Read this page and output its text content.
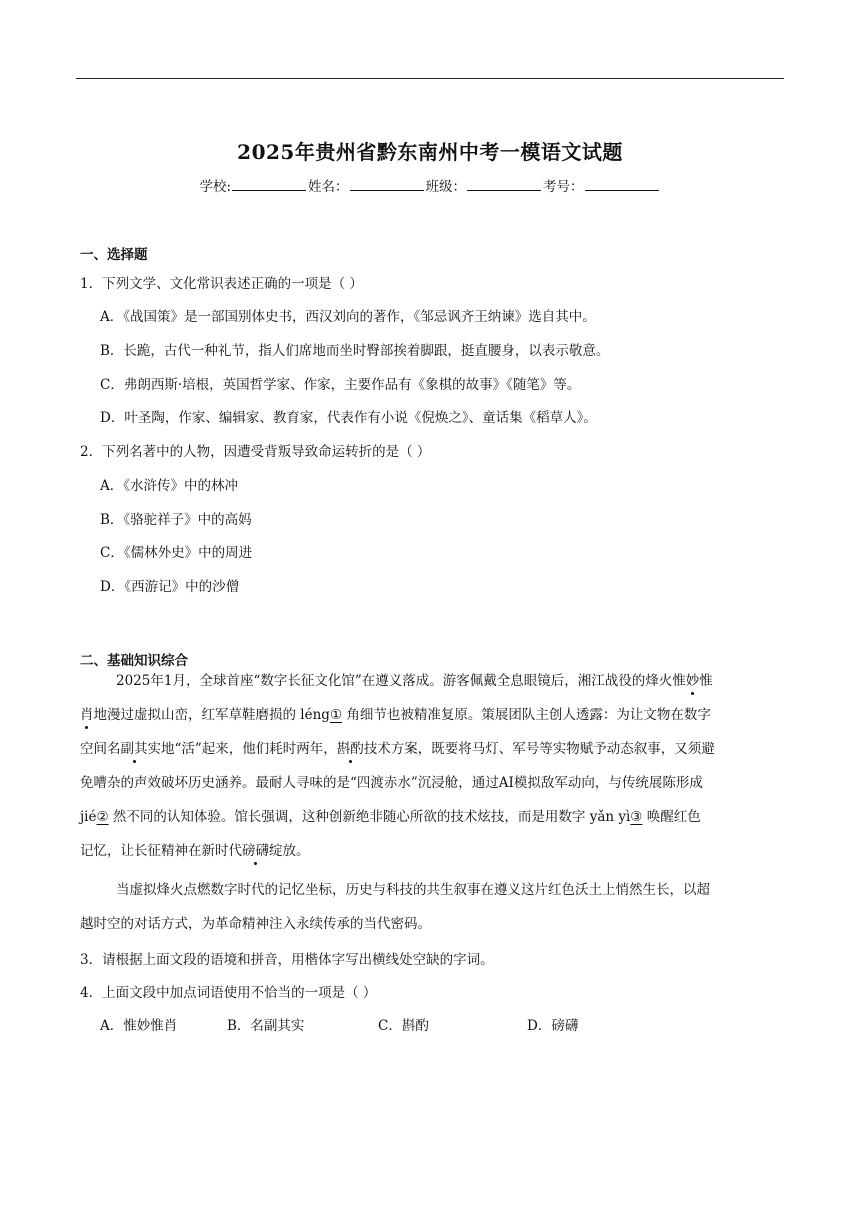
2025年贵州省黔东南州中考一模语文试题
学校:	姓名：	班级：	考号：
一、选择题
1．下列文学、文化常识表述正确的一项是（ ）
A．《战国策》是一部国别体史书，西汉刘向的著作，《邹忌讽齐王纳谏》选自其中。
B．长跪，古代一种礼节，指人们席地而坐时臀部挨着脚跟，挺直腰身，以表示敬意。
C．弗朗西斯·培根，英国哲学家、作家，主要作品有《象棋的故事》《随笔》等。
D．叶圣陶，作家、编辑家、教育家，代表作有小说《倪焕之》、童话集《稻草人》。
2．下列名著中的人物，因遭受背叛导致命运转折的是（ ）
A．《水浒传》中的林冲
B．《骆驼祥子》中的高妈
C．《儒林外史》中的周进
D．《西游记》中的沙僧
二、基础知识综合
2025年1月，全球首座“数字长征文化馆”在遵义落成。游客佩戴全息眼镜后，湘江战役的烽火惟妙惟
肖地漫过虚拟山峦，红军草鞋磨损的 léng① 角细节也被精准复原。策展团队主创人透露：为让文物在数字
空间名副其实地“活”起来，他们耗时两年，斟酌技术方案，既要将马灯、军号等实物赋予动态叙事，又须避
免嘈杂的声效破坏历史涵养。最耐人寻味的是“四渡赤水”沉浸舱，通过AI模拟敌军动向，与传统展陈形成
jié② 然不同的认知体验。馆长强调，这种创新绝非随心所欲的技术炫技，而是用数字 yǎn yì③ 唤醒红色
记忆，让长征精神在新时代磅礴绽放。
当虚拟烽火点燃数字时代的记忆坐标，历史与科技的共生叙事在遵义这片红色沃土上悄然生长，以超
越时空的对话方式，为革命精神注入永续传承的当代密码。
3．请根据上面文段的语境和拼音，用楷体字写出横线处空缺的字词。
4．上面文段中加点词语使用不恰当的一项是（ ）
A．惟妙惟肖	B．名副其实	C．斟酌	D．磅礴
